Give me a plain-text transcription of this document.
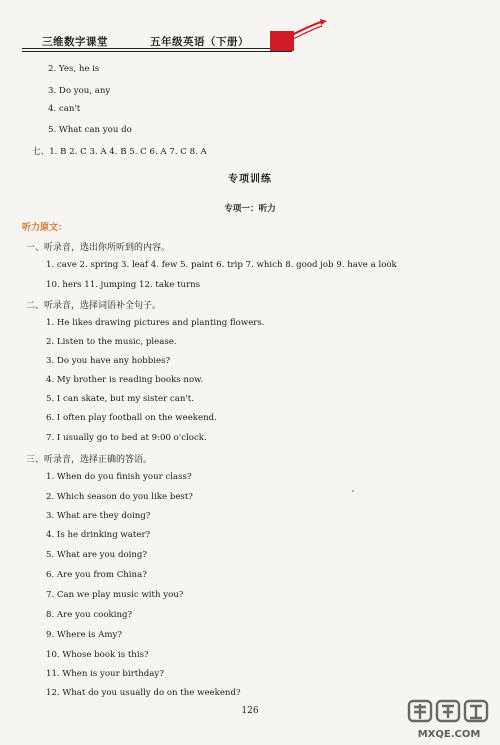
三维数字课堂	五年级英语（下册）
2. Yes, he is
3. Do you, any
4. can't
5. What can you do
七、1. B 2. C 3. A 4. B 5. C 6. A 7. C 8. A
专项训练
专项一：听力
听力原文：
一、听录音，选出你所听到的内容。
1. cave 2. spring 3. leaf 4. few 5. paint 6. trip 7. which 8. good job 9. have a look
10. hers 11. jumping 12. take turns
二、听录音，选择词语补全句子。
1. He likes drawing pictures and planting flowers.
2. Listen to the music, please.
3. Do you have any hobbies?
4. My brother is reading books now.
5. I can skate, but my sister can't.
6. I often play football on the weekend.
7. I usually go to bed at 9:00 o'clock.
三、听录音，选择正确的答语。
1. When do you finish your class?
2. Which season do you like best?
3. What are they doing?
4. Is he drinking water?
5. What are you doing?
6. Are you from China?
7. Can we play music with you?
8. Are you cooking?
9. Where is Amy?
10. Whose book is this?
11. When is your birthday?
12. What do you usually do on the weekend?
126
MXQE.COM
